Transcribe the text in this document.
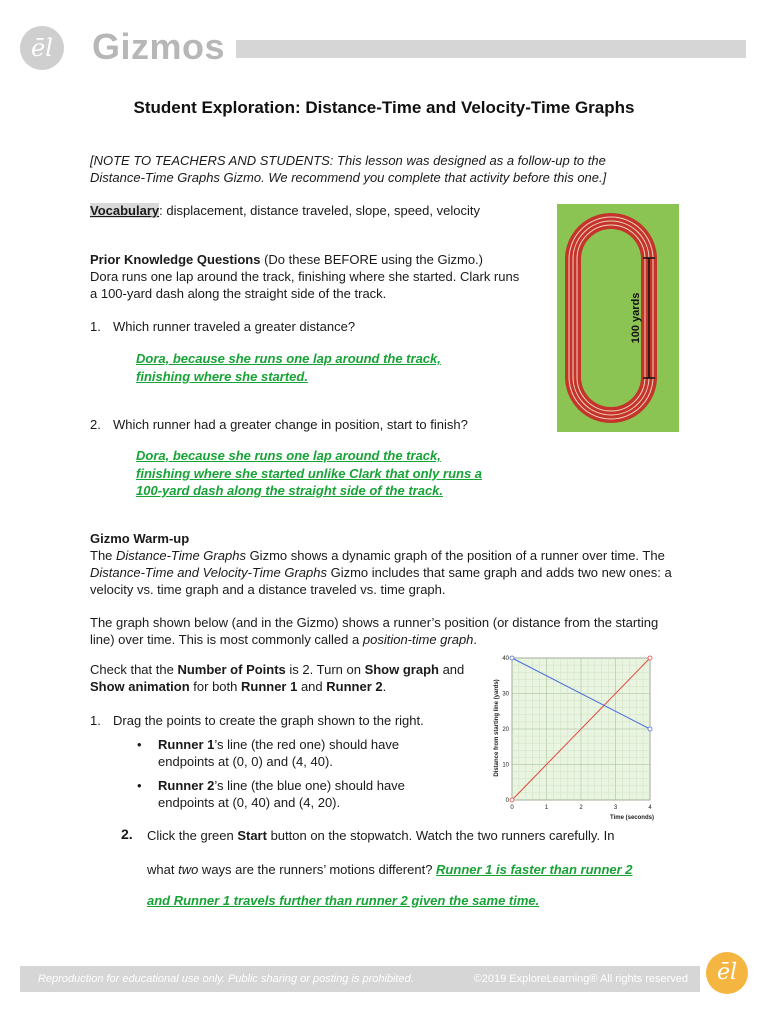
ēl	Gizmos
Student Exploration: Distance-Time and Velocity-Time Graphs
[NOTE TO TEACHERS AND STUDENTS: This lesson was designed as a follow-up to the Distance-Time Graphs Gizmo. We recommend you complete that activity before this one.]
Vocabulary: displacement, distance traveled, slope, speed, velocity
Prior Knowledge Questions (Do these BEFORE using the Gizmo.)
Dora runs one lap around the track, finishing where she started. Clark runs a 100-yard dash along the straight side of the track.
1. Which runner traveled a greater distance?
Dora, because she runs one lap around the track,
finishing where she started.
2. Which runner had a greater change in position, start to finish?
Dora, because she runs one lap around the track,
finishing where she started unlike Clark that only runs a
100-yard dash along the straight side of the track.
100 yards
Gizmo Warm-up
The Distance-Time Graphs Gizmo shows a dynamic graph of the position of a runner over time. The Distance-Time and Velocity-Time Graphs Gizmo includes that same graph and adds two new ones: a velocity vs. time graph and a distance traveled vs. time graph.
The graph shown below (and in the Gizmo) shows a runner’s position (or distance from the starting line) over time. This is most commonly called a position-time graph.
Check that the Number of Points is 2. Turn on Show graph and Show animation for both Runner 1 and Runner 2.
1. Drag the points to create the graph shown to the right.
• Runner 1’s line (the red one) should have endpoints at (0, 0) and (4, 40).
• Runner 2’s line (the blue one) should have endpoints at (0, 40) and (4, 20).
2. Click the green Start button on the stopwatch. Watch the two runners carefully. In
what two ways are the runners’ motions different? Runner 1 is faster than runner 2
and Runner 1 travels further than runner 2 given the same time.
0	1	2	3	4
0
10
20
30
40
Time (seconds)
Distance from starting line (yards)
Reproduction for educational use only. Public sharing or posting is prohibited.	©2019 ExploreLearning® All rights reserved	ēl
